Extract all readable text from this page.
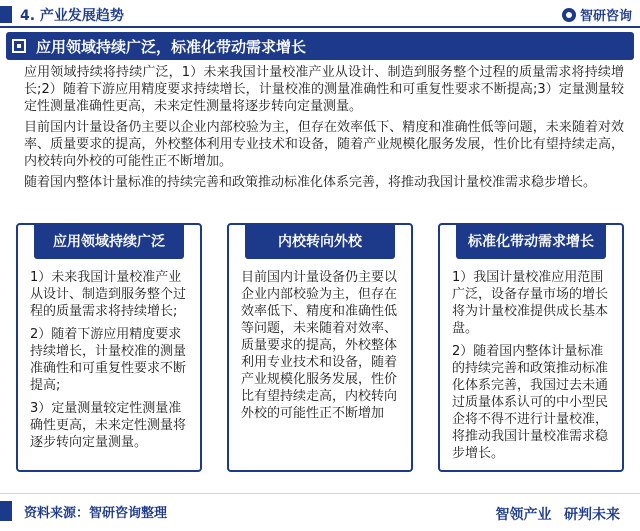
4. 产业发展趋势	智研咨询
应用领域持续广泛，标准化带动需求增长

应用领域持续将持续广泛，1）未来我国计量校准产业从设计、制造到服务整个过程的质量需求将持续增长;2）随着下游应用精度要求持续增长，计量校准的测量准确性和可重复性要求不断提高;3）定量测量较定性测量准确性更高，未来定性测量将逐步转向定量测量。

目前国内计量设备仍主要以企业内部校验为主，但存在效率低下、精度和准确性低等问题，未来随着对效率、质量要求的提高，外校整体利用专业技术和设备，随着产业规模化服务发展，性价比有望持续走高，内校转向外校的可能性正不断增加。

随着国内整体计量标准的持续完善和政策推动标准化体系完善，将推动我国计量校准需求稳步增长。

应用领域持续广泛

1）未来我国计量校准产业从设计、制造到服务整个过程的质量需求将持续增长;

2）随着下游应用精度要求持续增长，计量校准的测量准确性和可重复性要求不断提高;

3）定量测量较定性测量准确性更高，未来定性测量将逐步转向定量测量。

内校转向外校

目前国内计量设备仍主要以企业内部校验为主，但存在效率低下、精度和准确性低等问题，未来随着对效率、质量要求的提高，外校整体利用专业技术和设备，随着产业规模化服务发展，性价比有望持续走高，内校转向外校的可能性正不断增加

标准化带动需求增长

1）我国计量校准应用范围广泛，设备存量市场的增长将为计量校准提供成长基本盘。

2）随着国内整体计量标准的持续完善和政策推动标准化体系完善，我国过去未通过质量体系认可的中小型民企将不得不进行计量校准，将推动我国计量校准需求稳步增长。

资料来源：智研咨询整理	智领产业 研判未来
